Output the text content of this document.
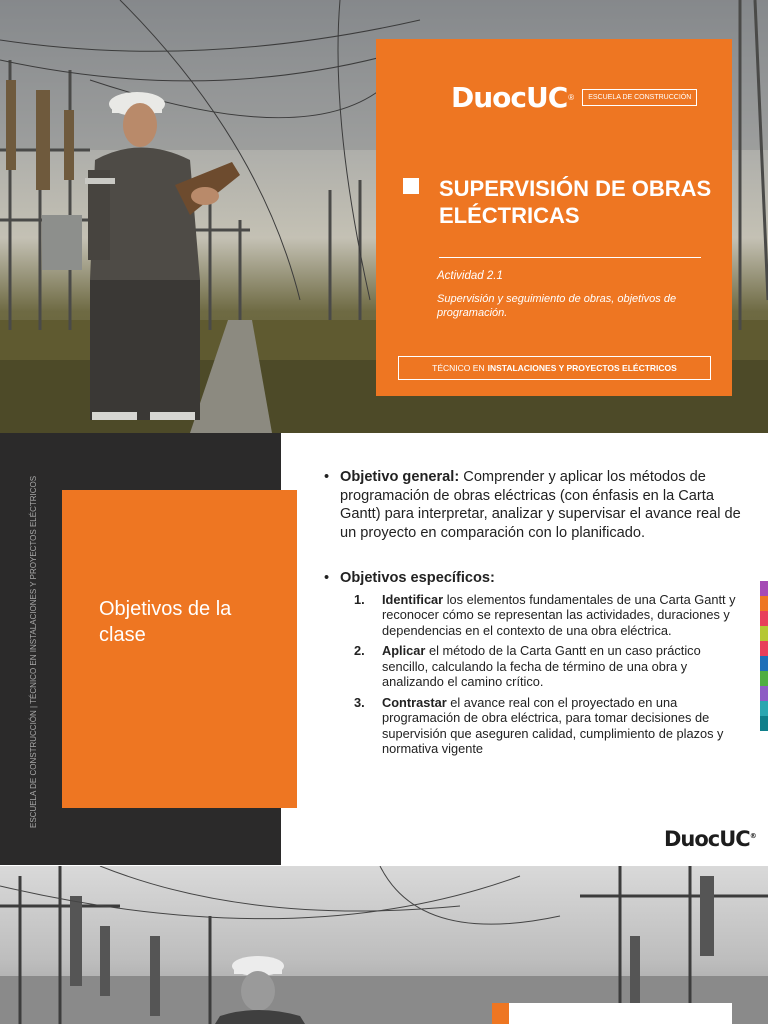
DuocUC ®	ESCUELA DE CONSTRUCCIÓN
SUPERVISIÓN DE OBRAS ELÉCTRICAS
Actividad 2.1
Supervisión y seguimiento de obras, objetivos de programación.
TÉCNICO EN INSTALACIONES Y PROYECTOS ELÉCTRICOS
ESCUELA DE CONSTRUCCIÓN | TÉCNICO EN INSTALACIONES Y PROYECTOS ELÉCTRICOS	Objetivos de la clase
• Objetivo general: Comprender y aplicar los métodos de programación de obras eléctricas (con énfasis en la Carta Gantt) para interpretar, analizar y supervisar el avance real de un proyecto en comparación con lo planificado.
• Objetivos específicos:
1. Identificar los elementos fundamentales de una Carta Gantt y reconocer cómo se representan las actividades, duraciones y dependencias en el contexto de una obra eléctrica.
2. Aplicar el método de la Carta Gantt en un caso práctico sencillo, calculando la fecha de término de una obra y analizando el camino crítico.
3. Contrastar el avance real con el proyectado en una programación de obra eléctrica, para tomar decisiones de supervisión que aseguren calidad, cumplimiento de plazos y normativa vigente
DuocUC®
